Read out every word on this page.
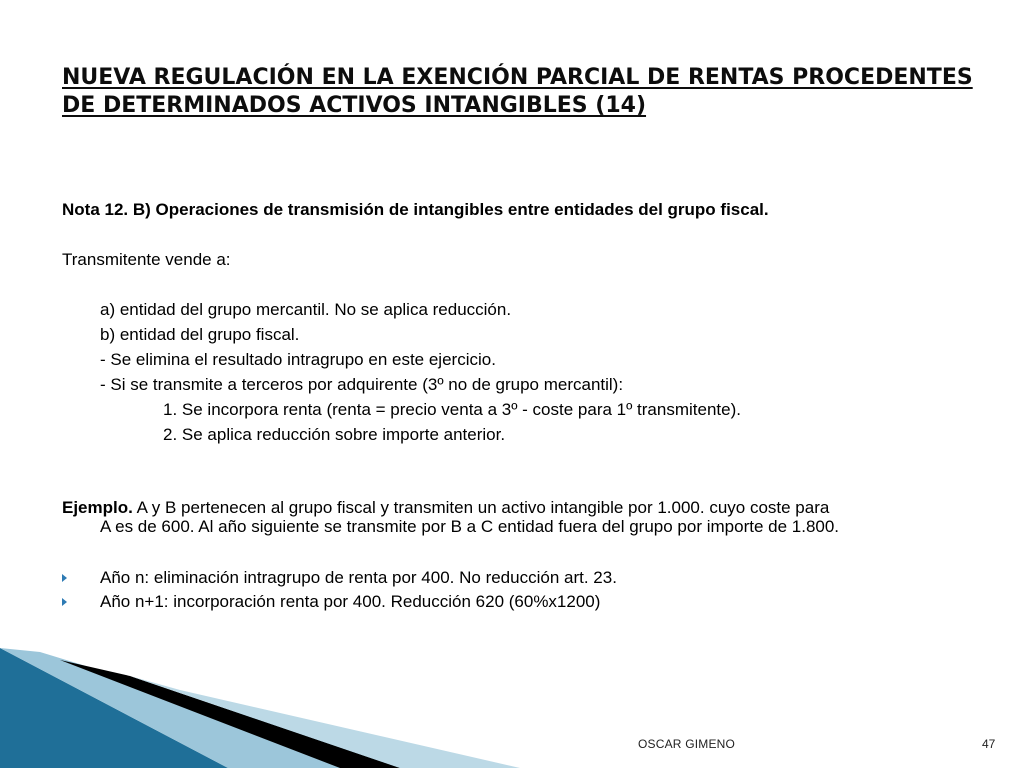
NUEVA REGULACIÓN EN LA EXENCIÓN PARCIAL DE RENTAS PROCEDENTES
DE DETERMINADOS ACTIVOS INTANGIBLES (14)
Nota 12. B) Operaciones de transmisión de intangibles entre entidades del grupo fiscal.
Transmitente vende a:
a) entidad del grupo mercantil. No se aplica reducción.
b) entidad del grupo fiscal.
- Se elimina el resultado intragrupo en este ejercicio.
- Si se transmite a terceros por adquirente (3º no de grupo mercantil):
1. Se incorpora renta (renta = precio venta a 3º - coste para 1º transmitente).
2. Se aplica reducción sobre importe anterior.
Ejemplo. A y B pertenecen al grupo fiscal y transmiten un activo intangible por 1.000. cuyo coste para
A es de 600. Al año siguiente se transmite por B a C entidad fuera del grupo por importe de 1.800.
Año n: eliminación intragrupo de renta por 400. No reducción art. 23.
Año n+1: incorporación renta por 400. Reducción 620 (60%x1200)
OSCAR GIMENO	47
